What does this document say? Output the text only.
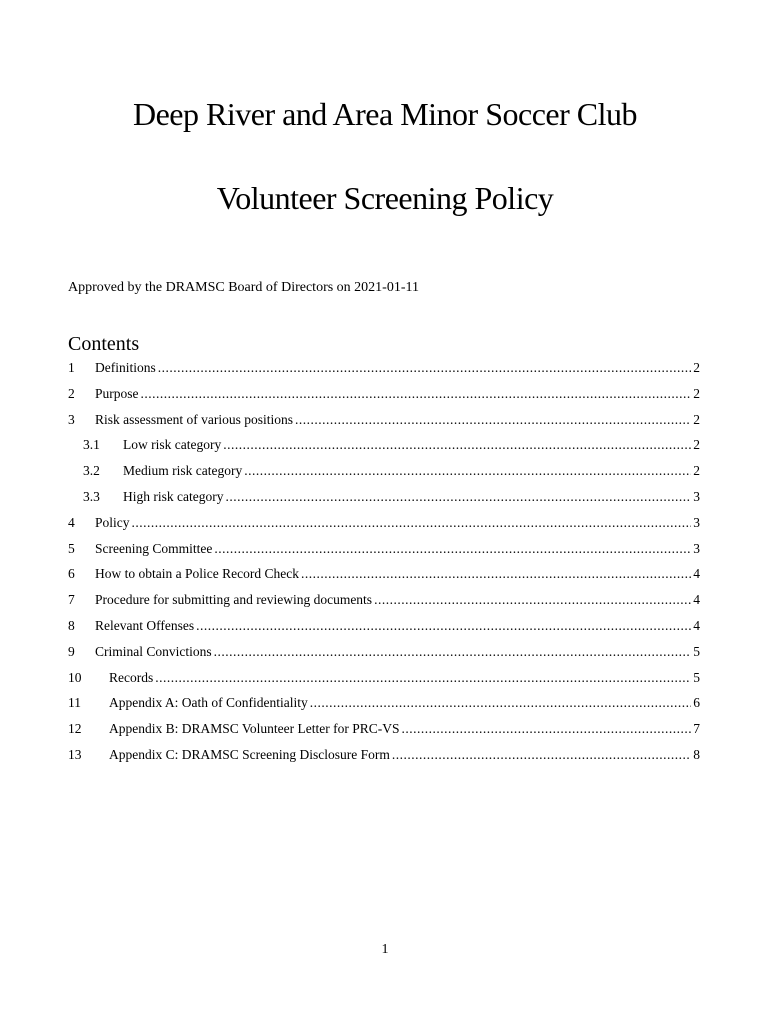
Deep River and Area Minor Soccer Club
Volunteer Screening Policy

Approved by the DRAMSC Board of Directors on 2021-01-11

Contents
1	Definitions .....	2
2	Purpose .....	2
3	Risk assessment of various positions .....	2
3.1	Low risk category .....	2
3.2	Medium risk category .....	2
3.3	High risk category .....	3
4	Policy .....	3
5	Screening Committee .....	3
6	How to obtain a Police Record Check .....	4
7	Procedure for submitting and reviewing documents .....	4
8	Relevant Offenses .....	4
9	Criminal Convictions .....	5
10	Records .....	5
11	Appendix A: Oath of Confidentiality .....	6
12	Appendix B: DRAMSC Volunteer Letter for PRC-VS .....	7
13	Appendix C: DRAMSC Screening Disclosure Form .....	8

1
